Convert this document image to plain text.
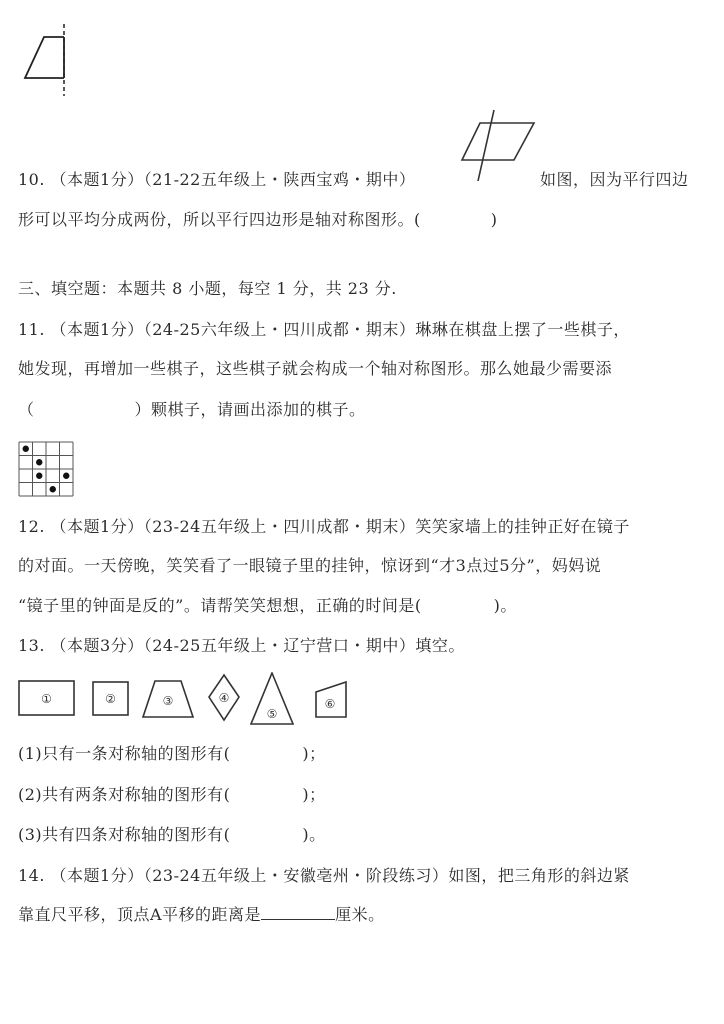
10. （本题1分）（21-22五年级上・陕西宝鸡・期中）	如图，因为平行四边
形可以平均分成两份，所以平行四边形是轴对称图形。(	)
三、填空题：本题共 8 小题，每空 1 分，共 23 分.
11. （本题1分）（24-25六年级上・四川成都・期末）琳琳在棋盘上摆了一些棋子，
她发现，再增加一些棋子，这些棋子就会构成一个轴对称图形。那么她最少需要添
（	）颗棋子，请画出添加的棋子。
12. （本题1分）（23-24五年级上・四川成都・期末）笑笑家墙上的挂钟正好在镜子
的对面。一天傍晚，笑笑看了一眼镜子里的挂钟，惊讶到“才3点过5分”，妈妈说
“镜子里的钟面是反的”。请帮笑笑想想，正确的时间是(	)。
13. （本题3分）（24-25五年级上・辽宁营口・期中）填空。
①	②	③	④
⑤
⑥
(1)只有一条对称轴的图形有(	)；
(2)共有两条对称轴的图形有(	)；
(3)共有四条对称轴的图形有(	)。
14. （本题1分）（23-24五年级上・安徽亳州・阶段练习）如图，把三角形的斜边紧
靠直尺平移，顶点A平移的距离是	厘米。
